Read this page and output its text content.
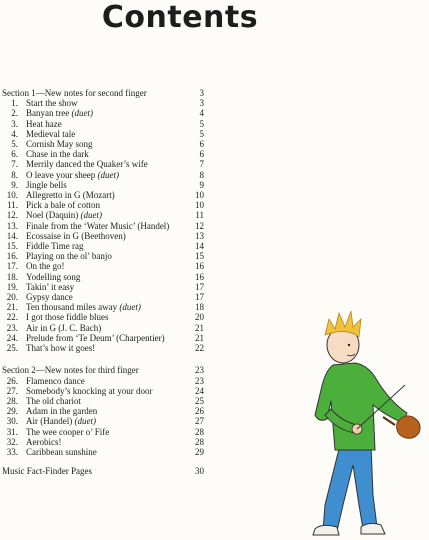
Contents
Section 1—New notes for second finger	3
1. Start the show	3
2. Banyan tree (duet)	4
3. Heat haze	5
4. Medieval tale	5
5. Cornish May song	6
6. Chase in the dark	6
7. Merrily danced the Quaker’s wife	7
8. O leave your sheep (duet)	8
9. Jingle bells	9
10. Allegretto in G (Mozart)	10
11. Pick a bale of cotton	10
12. Noel (Daquin) (duet)	11
13. Finale from the ‘Water Music’ (Handel)	12
14. Ecossaise in G (Beethoven)	13
15. Fiddle Time rag	14
16. Playing on the ol’ banjo	15
17. On the go!	16
18. Yodelling song	16
19. Takin’ it easy	17
20. Gypsy dance	17
21. Ten thousand miles away (duet)	18
22. I got those fiddle blues	20
23. Air in G (J. C. Bach)	21
24. Prelude from ‘Te Deum’ (Charpentier)	21
25. That’s how it goes!	22
Section 2—New notes for third finger	23
26. Flamenco dance	23
27. Somebody’s knocking at your door	24
28. The old chariot	25
29. Adam in the garden	26
30. Air (Handel) (duet)	27
31. The wee cooper o’ Fife	28
32. Aerobics!	28
33. Caribbean sunshine	29
Music Fact-Finder Pages	30
